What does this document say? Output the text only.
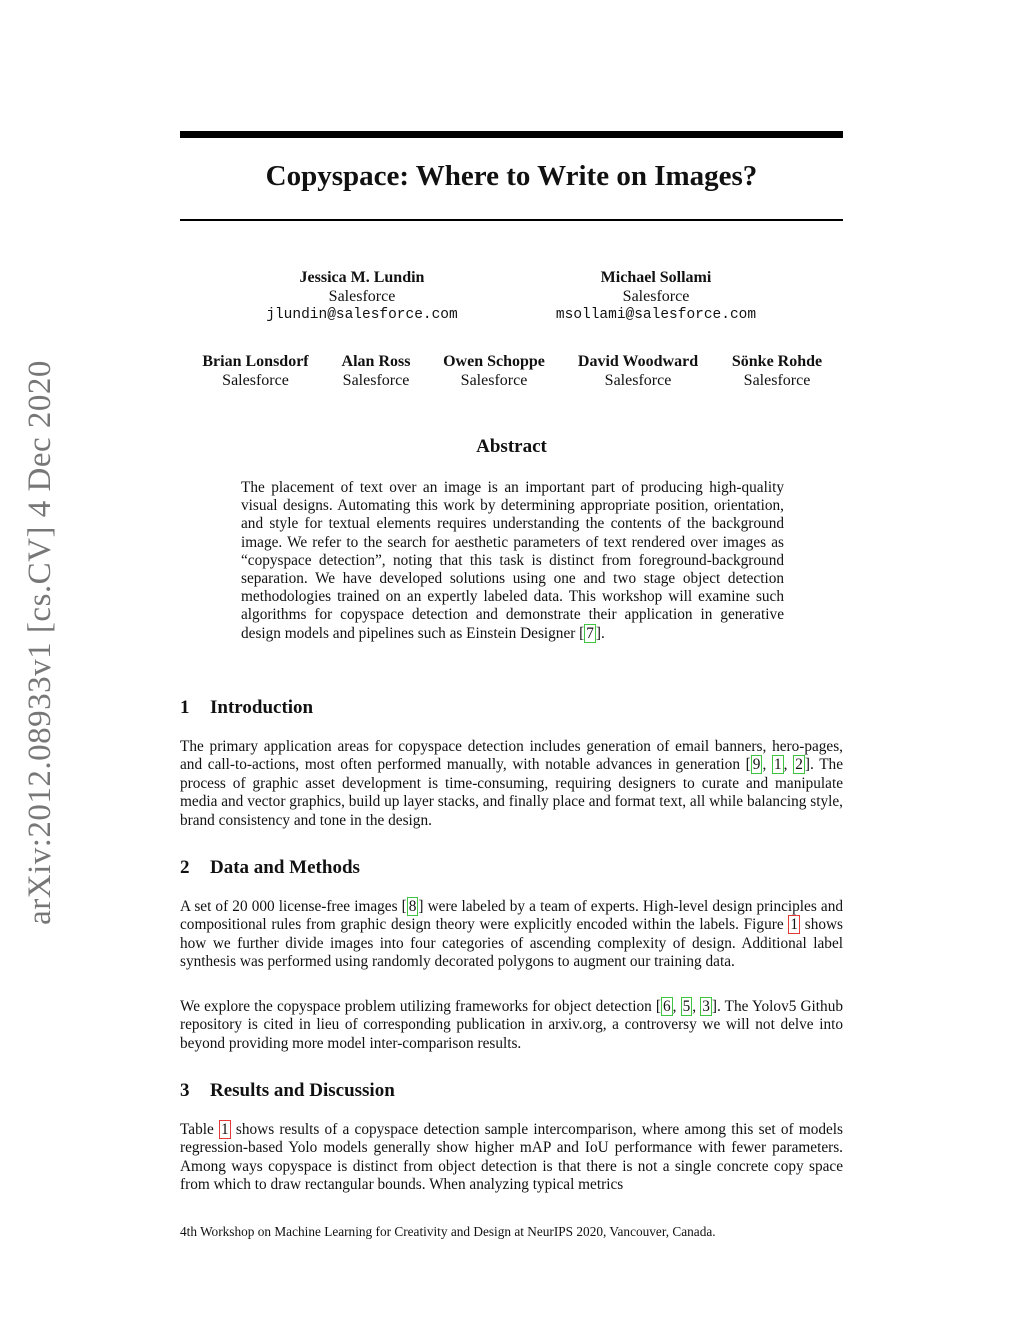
arXiv:2012.08933v1 [cs.CV] 4 Dec 2020
Copyspace: Where to Write on Images?
Jessica M. Lundin
Salesforce
jlundin@salesforce.com
Michael Sollami
Salesforce
msollami@salesforce.com
Brian Lonsdorf
Salesforce
Alan Ross
Salesforce
Owen Schoppe
Salesforce
David Woodward
Salesforce
Sönke Rohde
Salesforce
Abstract

The placement of text over an image is an important part of producing high-quality visual designs. Automating this work by determining appropriate position, orientation, and style for textual elements requires understanding the contents of the background image. We refer to the search for aesthetic parameters of text rendered over images as “copyspace detection”, noting that this task is distinct from foreground-background separation. We have developed solutions using one and two stage object detection methodologies trained on an expertly labeled data. This workshop will examine such algorithms for copyspace detection and demonstrate their application in generative design models and pipelines such as Einstein Designer [ 7 ].

1 Introduction

The primary application areas for copyspace detection includes generation of email banners, hero-pages, and call-to-actions, most often performed manually, with notable advances in generation [ 9 , 1 , 2 ]. The process of graphic asset development is time-consuming, requiring designers to curate and manipulate media and vector graphics, build up layer stacks, and finally place and format text, all while balancing style, brand consistency and tone in the design.

2 Data and Methods

A set of 20 000 license-free images [ 8 ] were labeled by a team of experts. High-level design principles and compositional rules from graphic design theory were explicitly encoded within the labels. Figure 1 shows how we further divide images into four categories of ascending complexity of design. Additional label synthesis was performed using randomly decorated polygons to augment our training data.

We explore the copyspace problem utilizing frameworks for object detection [ 6 , 5 , 3 ]. The Yolov5 Github repository is cited in lieu of corresponding publication in arxiv.org, a controversy we will not delve into beyond providing more model inter-comparison results.

3 Results and Discussion

Table 1 shows results of a copyspace detection sample intercomparison, where among this set of models regression-based Yolo models generally show higher mAP and IoU performance with fewer parameters. Among ways copyspace is distinct from object detection is that there is not a single concrete copy space from which to draw rectangular bounds. When analyzing typical metrics

4th Workshop on Machine Learning for Creativity and Design at NeurIPS 2020, Vancouver, Canada.
